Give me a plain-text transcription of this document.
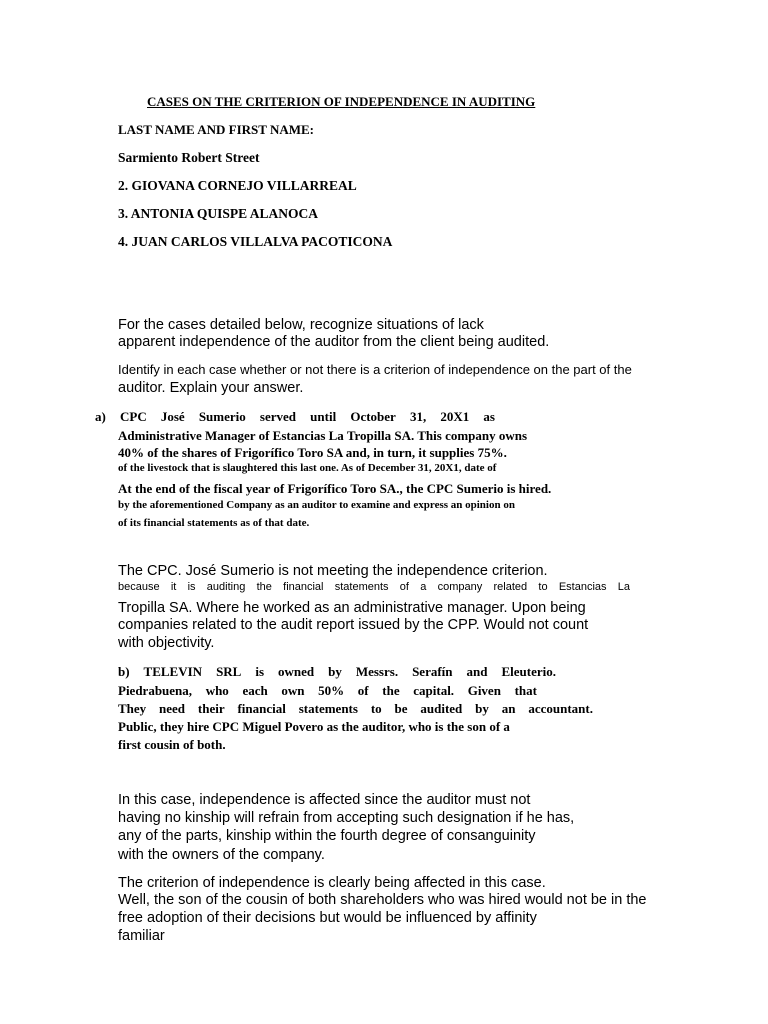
CASES ON THE CRITERION OF INDEPENDENCE IN AUDITING
LAST NAME AND FIRST NAME:
Sarmiento Robert Street
2. GIOVANA CORNEJO VILLARREAL
3. ANTONIA QUISPE ALANOCA
4. JUAN CARLOS VILLALVA PACOTICONA
For the cases detailed below, recognize situations of lack
apparent independence of the auditor from the client being audited.
Identify in each case whether or not there is a criterion of independence on the part of the
auditor. Explain your answer.
a) CPC José Sumerio served until October 31, 20X1 as
Administrative Manager of Estancias La Tropilla SA. This company owns
40% of the shares of Frigorífico Toro SA and, in turn, it supplies 75%.
of the livestock that is slaughtered this last one. As of December 31, 20X1, date of
At the end of the fiscal year of Frigorífico Toro SA., the CPC Sumerio is hired.
by the aforementioned Company as an auditor to examine and express an opinion on
of its financial statements as of that date.
The CPC. José Sumerio is not meeting the independence criterion.
because it is auditing the financial statements of a company related to Estancias La
Tropilla SA. Where he worked as an administrative manager. Upon being
companies related to the audit report issued by the CPP. Would not count
with objectivity.
b) TELEVIN SRL is owned by Messrs. Serafín and Eleuterio.
Piedrabuena, who each own 50% of the capital. Given that
They need their financial statements to be audited by an accountant.
Public, they hire CPC Miguel Povero as the auditor, who is the son of a
first cousin of both.
In this case, independence is affected since the auditor must not
having no kinship will refrain from accepting such designation if he has,
any of the parts, kinship within the fourth degree of consanguinity
with the owners of the company.
The criterion of independence is clearly being affected in this case.
Well, the son of the cousin of both shareholders who was hired would not be in the
free adoption of their decisions but would be influenced by affinity
familiar
